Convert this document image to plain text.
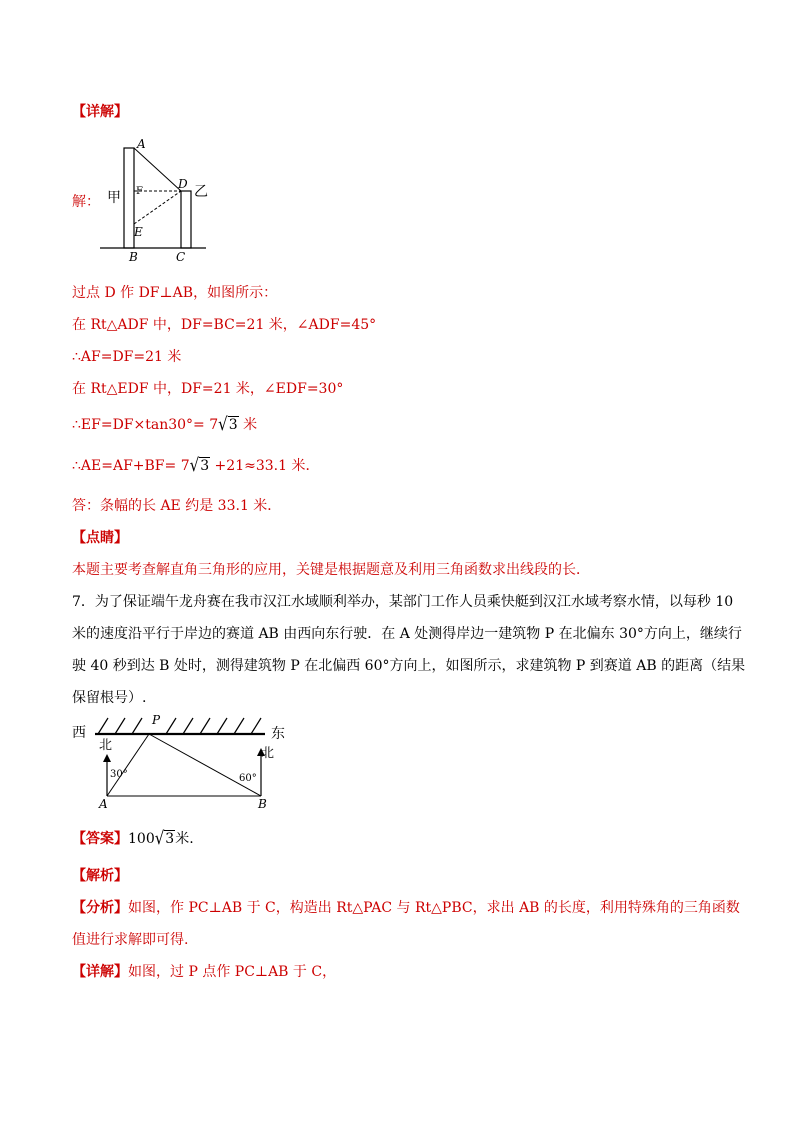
【详解】
解：
A
F
D
E
B	C
甲	乙
过点 D 作 DF⊥AB，如图所示：
在 Rt△ADF 中，DF=BC=21 米，∠ADF=45°
∴AF=DF=21 米
在 Rt△EDF 中，DF=21 米，∠EDF=30°
∴EF=DF×tan30°= 7√3 米
∴AE=AF+BF= 7√3 +21≈33.1 米．
答：条幅的长 AE 约是 33.1 米．
【点睛】
本题主要考查解直角三角形的应用，关键是根据题意及利用三角函数求出线段的长．
7．为了保证端午龙舟赛在我市汉江水域顺利举办，某部门工作人员乘快艇到汉江水域考察水情，以每秒 10
米的速度沿平行于岸边的赛道 AB 由西向东行驶．在 A 处测得岸边一建筑物 P 在北偏东 30°方向上，继续行
驶 40 秒到达 B 处时，测得建筑物 P 在北偏西 60°方向上，如图所示，求建筑物 P 到赛道 AB 的距离（结果
保留根号）.
西	东
P
北
北
30°	60°
A	B
【答案】100√3米.
【解析】
【分析】如图，作 PC⊥AB 于 C，构造出 Rt△PAC 与 Rt△PBC，求出 AB 的长度，利用特殊角的三角函数
值进行求解即可得.
【详解】如图，过 P 点作 PC⊥AB 于 C，
